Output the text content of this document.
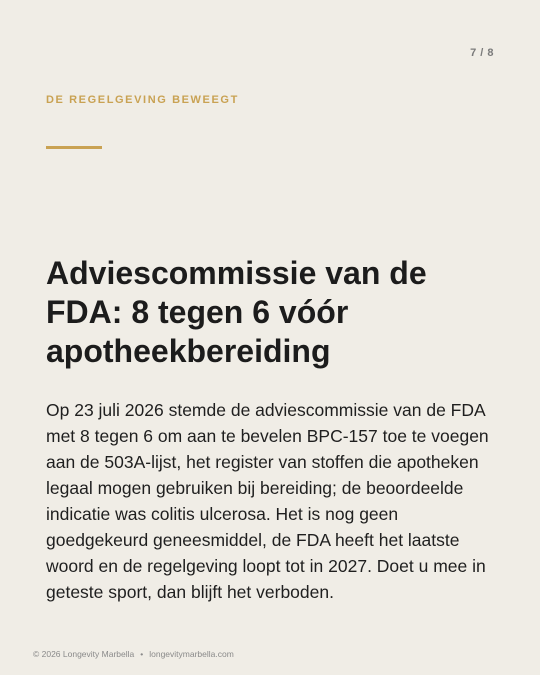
7 / 8
DE REGELGEVING BEWEEGT
Adviescommissie van de FDA: 8 tegen 6 vóór apotheekbereiding

Op 23 juli 2026 stemde de adviescommissie van de FDA met 8 tegen 6 om aan te bevelen BPC-157 toe te voegen aan de 503A-lijst, het register van stoffen die apotheken legaal mogen gebruiken bij bereiding; de beoordeelde indicatie was colitis ulcerosa. Het is nog geen goedgekeurd geneesmiddel, de FDA heeft het laatste woord en de regelgeving loopt tot in 2027. Doet u mee in geteste sport, dan blijft het verboden.

© 2026 Longevity Marbella • longevitymarbella.com
